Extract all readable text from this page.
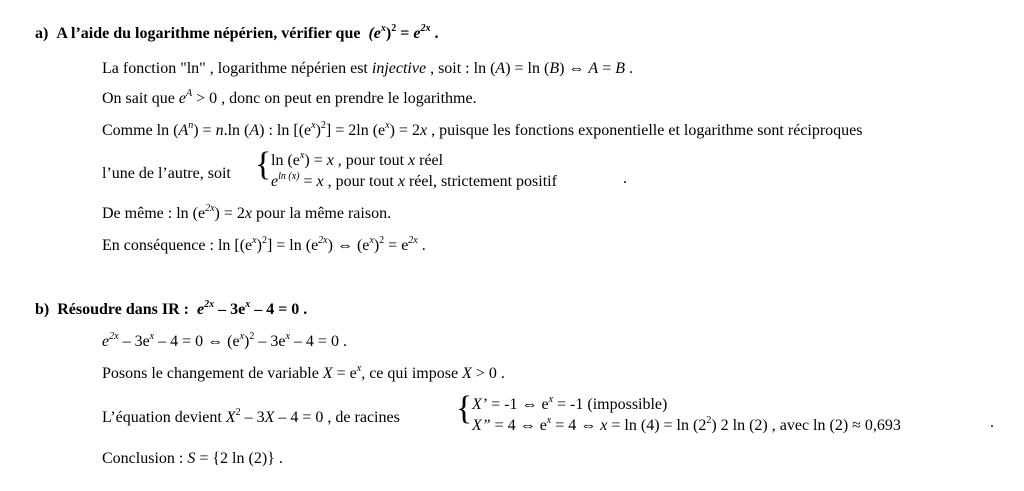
a) A l’aide du logarithme népérien, vérifier que $(e^x)^2 = e^{2x}$ .
La fonction "ln" , logarithme népérien est injective , soit : ln (A) = ln (B) ⇔ A = B .
On sait que $e^A > 0$ , donc on peut en prendre le logarithme.
Comme $\ln (A^n) = n.\ln$ (A) : $\ln [(e^x)^2] = 2\ln$ $(e^x) = 2x$ , puisque les fonctions exponentielle et logarithme sont réciproques
l’une de l’autre, soit { $\ln (e^x) = x$ , pour tout x réel
$e^{ln (x)} = x$ , pour tout x réel, strictement positif	.
De même : $\ln (e^{2x}) = 2x$ pour la même raison.
En conséquence : $\ln [(e^x)^2] = \ln (e^{2x})$ ⇔ $(e^x)^2 = e^{2x}$ .
b) Résoudre dans IR : $e^{2x} - 3e^x - 4 = 0$ .
$e^{2x} - 3e^x - 4 = 0$ ⇔ $(e^x)^2 - 3e^x - 4 = 0$ .
Posons le changement de variable $X = e^x$, ce qui impose X > 0 .
L’équation devient $X^2 - 3X - 4 = 0$ , de racines { X’ = -1 ⇔ $e^x = -1$ (impossible)
X” = 4 ⇔ $e^x = 4$ ⇔ $x = \ln (4) = \ln (2^2)$ 2 ln (2) , avec ln (2) ≈ 0,693	.
Conclusion : S = {2 ln (2)} .
